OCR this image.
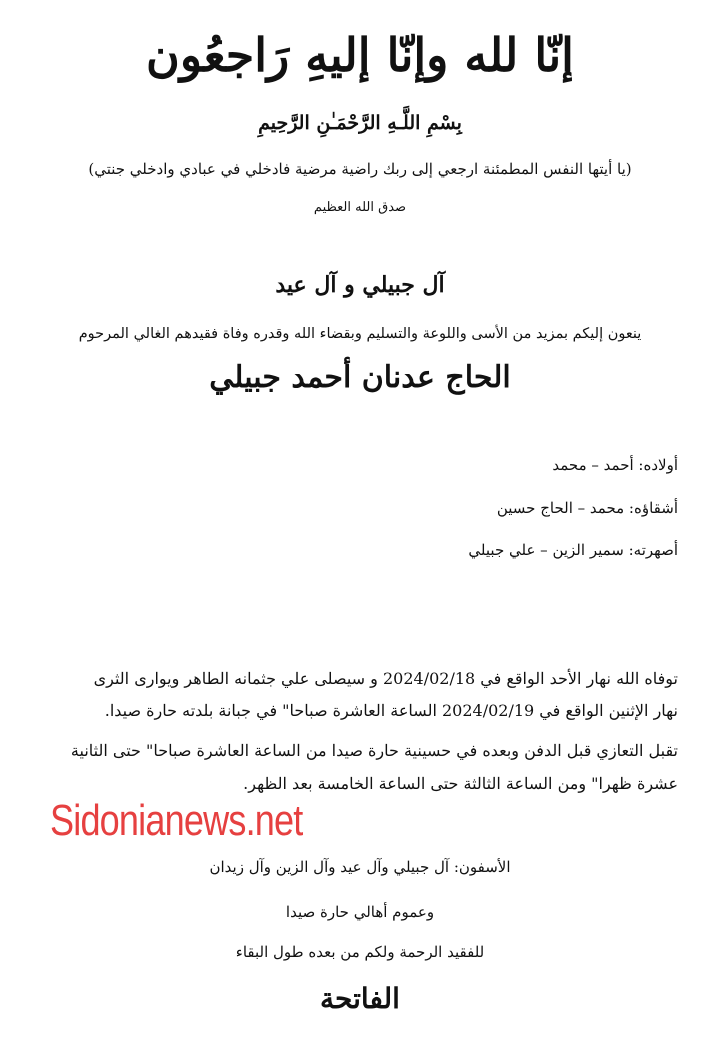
إنّا لله وإنّا إليهِ رَاجعُون
بِسْمِ اللَّـهِ الرَّحْمَـٰنِ الرَّحِيمِ
(يا أيتها النفس المطمئنة ارجعي إلى ربك راضية مرضية فادخلي في عبادي وادخلي جنتي)
صدق الله العظيم
آل جبيلي و آل عيد
ينعون إليكم بمزيد من الأسى واللوعة والتسليم وبقضاء الله وقدره وفاة فقيدهم الغالي المرحوم
الحاج عدنان أحمد جبيلي
أولاده: أحمد – محمد
أشقاؤه: محمد – الحاج حسين
أصهرته: سمير الزين – علي جبيلي
توفاه الله نهار الأحد الواقع في 2024/02/18 و سيصلى علي جثمانه الطاهر ويوارى الثرى
نهار الإثنين الواقع في 2024/02/19 الساعة العاشرة صباحا" في جبانة بلدته حارة صيدا.
تقبل التعازي قبل الدفن وبعده في حسينية حارة صيدا من الساعة العاشرة صباحا" حتى الثانية
عشرة ظهرا" ومن الساعة الثالثة حتى الساعة الخامسة بعد الظهر.
Sidonianews.net
الأسفون: آل جبيلي وآل عيد وآل الزين وآل زيدان
وعموم أهالي حارة صيدا
للفقيد الرحمة ولكم من بعده طول البقاء
الفاتحة
